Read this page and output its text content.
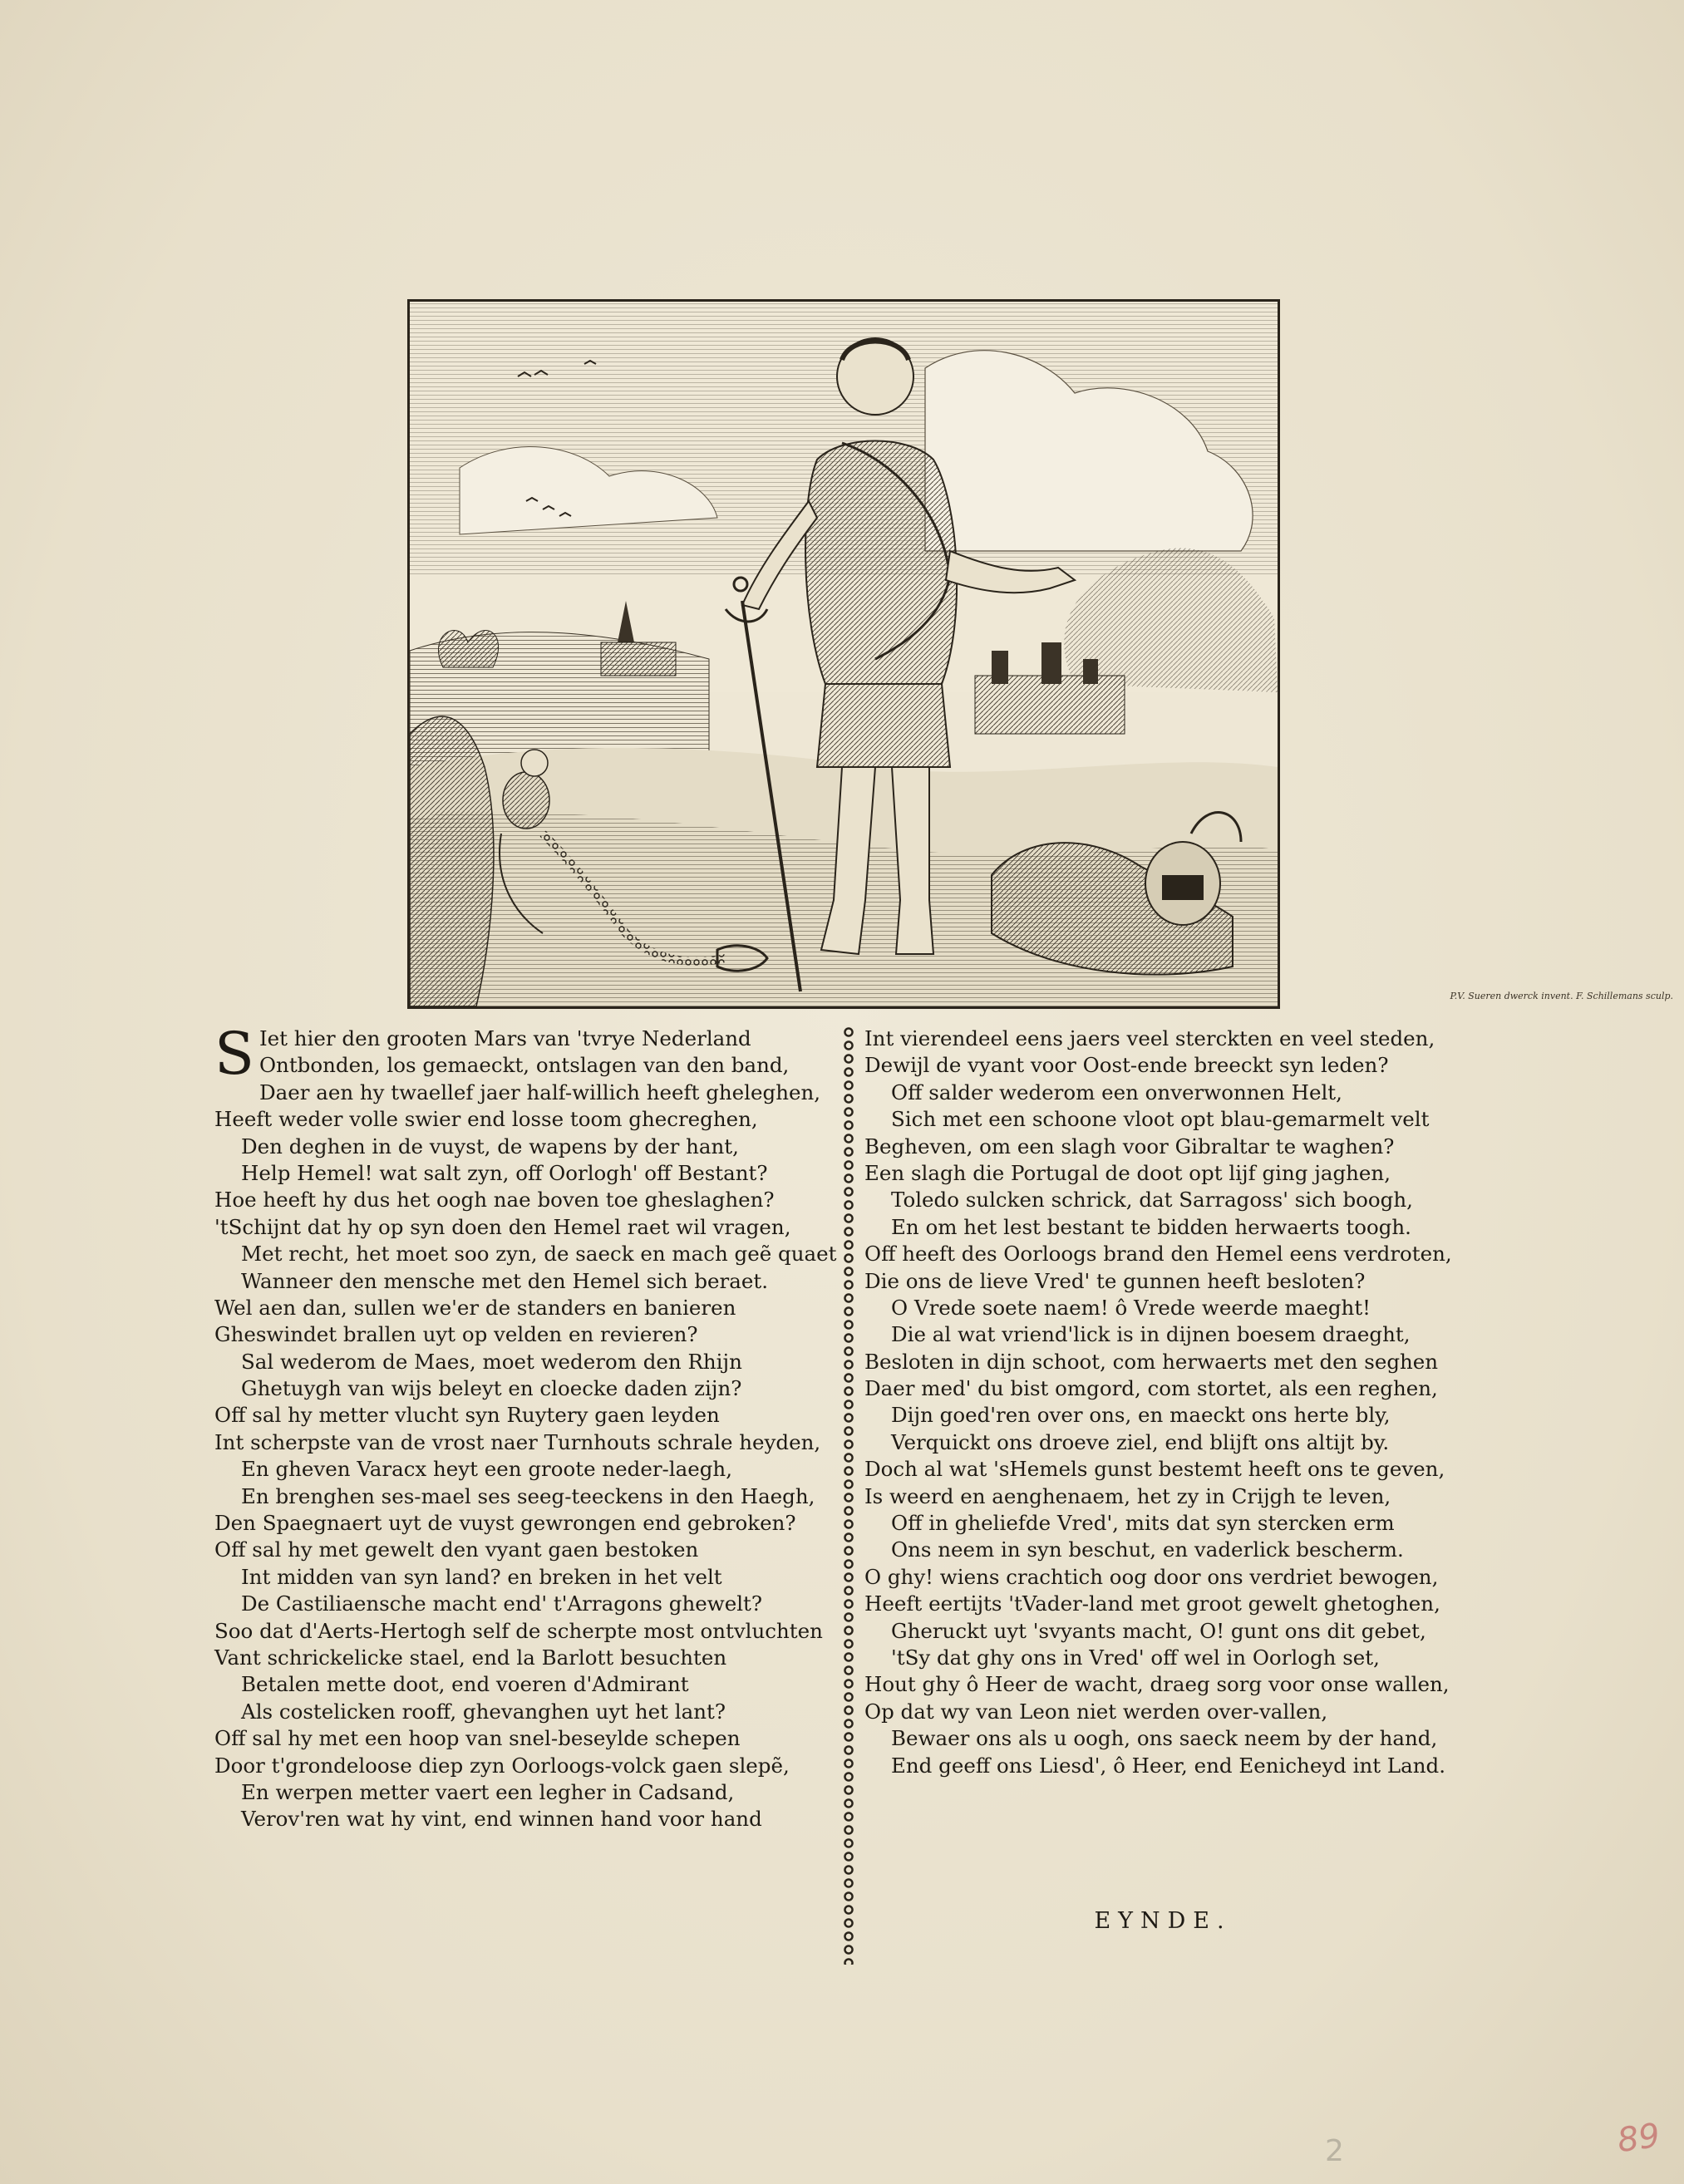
P.V. Sueren dwerck invent. F. Schillemans sculp.
S Iet hier den grooten Mars van 'tvrye Nederland
Ontbonden, los gemaeckt, ontslagen van den band,
Daer aen hy twaellef jaer half-willich heeft gheleghen,
Heeft weder volle swier end losse toom ghecreghen,
Den deghen in de vuyst, de wapens by der hant,
Help Hemel! wat salt zyn, off Oorlogh' off Bestant?
Hoe heeft hy dus het oogh nae boven toe gheslaghen?
'tSchijnt dat hy op syn doen den Hemel raet wil vragen,
Met recht, het moet soo zyn, de saeck en mach geẽ quaet
Wanneer den mensche met den Hemel sich beraet.
Wel aen dan, sullen we'er de standers en banieren
Gheswindet brallen uyt op velden en revieren?
Sal wederom de Maes, moet wederom den Rhijn
Ghetuygh van wijs beleyt en cloecke daden zijn?
Off sal hy metter vlucht syn Ruytery gaen leyden
Int scherpste van de vrost naer Turnhouts schrale heyden,
En gheven Varacx heyt een groote neder-laegh,
En brenghen ses-mael ses seeg-teeckens in den Haegh,
Den Spaegnaert uyt de vuyst gewrongen end gebroken?
Off sal hy met gewelt den vyant gaen bestoken
Int midden van syn land? en breken in het velt
De Castiliaensche macht end' t'Arragons ghewelt?
Soo dat d'Aerts-Hertogh self de scherpte most ontvluchten
Vant schrickelicke stael, end la Barlott besuchten
Betalen mette doot, end voeren d'Admirant
Als costelicken rooff, ghevanghen uyt het lant?
Off sal hy met een hoop van snel-beseylde schepen
Door t'grondeloose diep zyn Oorloogs-volck gaen slepẽ,
En werpen metter vaert een legher in Cadsand,
Verov'ren wat hy vint, end winnen hand voor hand
Int vierendeel eens jaers veel sterckten en veel steden,
Dewijl de vyant voor Oost-ende breeckt syn leden?
Off salder wederom een onverwonnen Helt,
Sich met een schoone vloot opt blau-gemarmelt velt
Begheven, om een slagh voor Gibraltar te waghen?
Een slagh die Portugal de doot opt lijf ging jaghen,
Toledo sulcken schrick, dat Sarragoss' sich boogh,
En om het lest bestant te bidden herwaerts toogh.
Off heeft des Oorloogs brand den Hemel eens verdroten,
Die ons de lieve Vred' te gunnen heeft besloten?
O Vrede soete naem! ô Vrede weerde maeght!
Die al wat vriend'lick is in dijnen boesem draeght,
Besloten in dijn schoot, com herwaerts met den seghen
Daer med' du bist omgord, com stortet, als een reghen,
Dijn goed'ren over ons, en maeckt ons herte bly,
Verquickt ons droeve ziel, end blijft ons altijt by.
Doch al wat 'sHemels gunst bestemt heeft ons te geven,
Is weerd en aenghenaem, het zy in Crijgh te leven,
Off in gheliefde Vred', mits dat syn stercken erm
Ons neem in syn beschut, en vaderlick bescherm.
O ghy! wiens crachtich oog door ons verdriet bewogen,
Heeft eertijts 'tVader-land met groot gewelt ghetoghen,
Gheruckt uyt 'svyants macht, O! gunt ons dit gebet,
'tSy dat ghy ons in Vred' off wel in Oorlogh set,
Hout ghy ô Heer de wacht, draeg sorg voor onse wallen,
Op dat wy van Leon niet werden over-vallen,
Bewaer ons als u oogh, ons saeck neem by der hand,
End geeff ons Liesd', ô Heer, end Eenicheyd int Land.
EYNDE.
2	89
